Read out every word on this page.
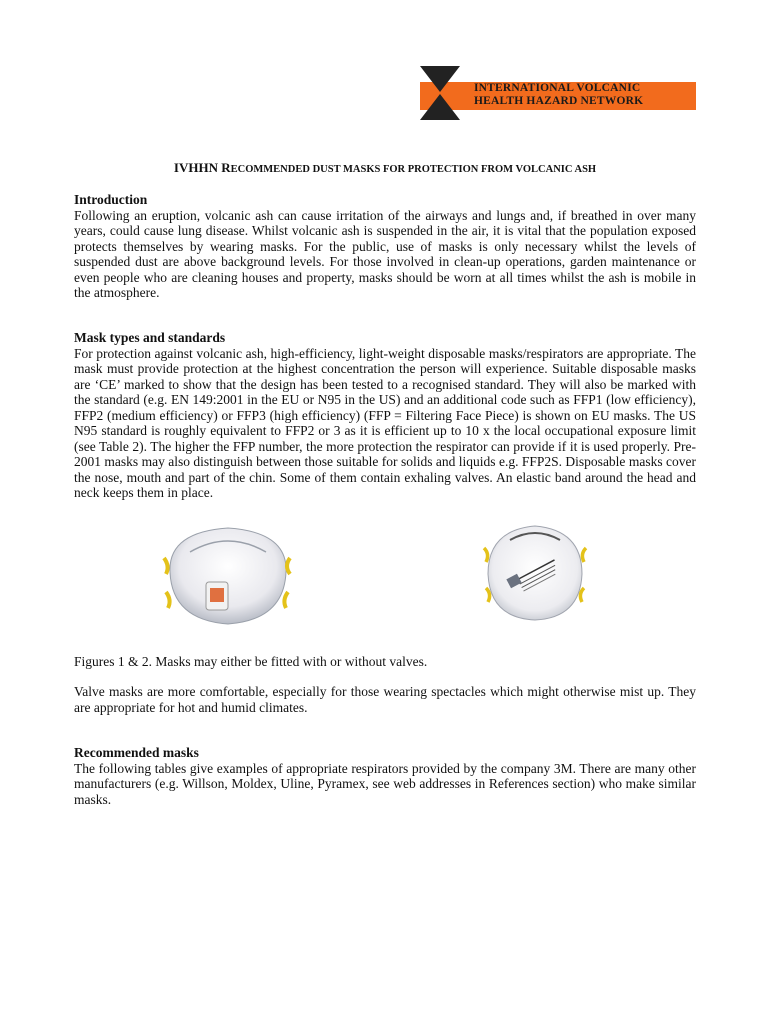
INTERNATIONAL VOLCANIC
HEALTH HAZARD NETWORK
IVHHN RECOMMENDED DUST MASKS FOR PROTECTION FROM VOLCANIC ASH
Introduction
Following an eruption, volcanic ash can cause irritation of the airways and lungs and, if breathed in over many years, could cause lung disease. Whilst volcanic ash is suspended in the air, it is vital that the population exposed protects themselves by wearing masks. For the public, use of masks is only necessary whilst the levels of suspended dust are above background levels. For those involved in clean-up operations, garden maintenance or even people who are cleaning houses and property, masks should be worn at all times whilst the ash is mobile in the atmosphere.
Mask types and standards
For protection against volcanic ash, high-efficiency, light-weight disposable masks/respirators are appropriate. The mask must provide protection at the highest concentration the person will experience. Suitable disposable masks are ‘CE’ marked to show that the design has been tested to a recognised standard. They will also be marked with the standard (e.g. EN 149:2001 in the EU or N95 in the US) and an additional code such as FFP1 (low efficiency), FFP2 (medium efficiency) or FFP3 (high efficiency) (FFP = Filtering Face Piece) is shown on EU masks. The US N95 standard is roughly equivalent to FFP2 or 3 as it is efficient up to 10 x the local occupational exposure limit (see Table 2). The higher the FFP number, the more protection the respirator can provide if it is used properly. Pre-2001 masks may also distinguish between those suitable for solids and liquids e.g. FFP2S. Disposable masks cover the nose, mouth and part of the chin. Some of them contain exhaling valves. An elastic band around the head and neck keeps them in place.
Figures 1 & 2. Masks may either be fitted with or without valves.
Valve masks are more comfortable, especially for those wearing spectacles which might otherwise mist up. They are appropriate for hot and humid climates.
Recommended masks
The following tables give examples of appropriate respirators provided by the company 3M. There are many other manufacturers (e.g. Willson, Moldex, Uline, Pyramex, see web addresses in References section) who make similar masks.
